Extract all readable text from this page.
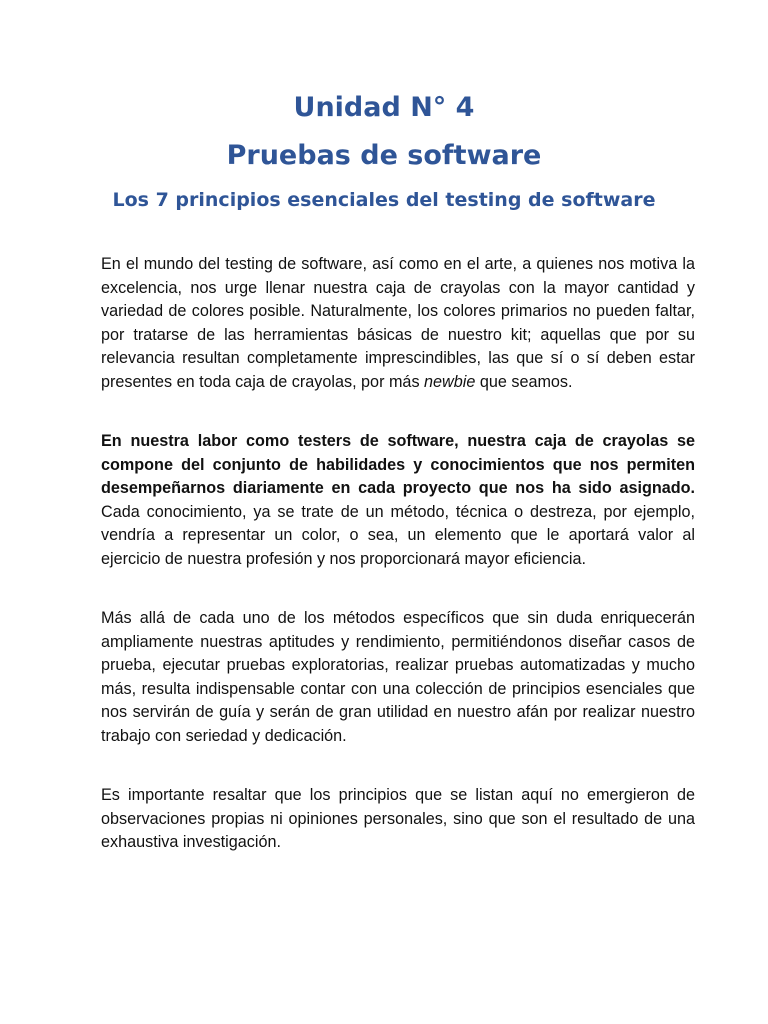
Unidad N° 4
Pruebas de software
Los 7 principios esenciales del testing de software

En el mundo del testing de software, así como en el arte, a quienes nos motiva la excelencia, nos urge llenar nuestra caja de crayolas con la mayor cantidad y variedad de colores posible. Naturalmente, los colores primarios no pueden faltar, por tratarse de las herramientas básicas de nuestro kit; aquellas que por su relevancia resultan completamente imprescindibles, las que sí o sí deben estar presentes en toda caja de crayolas, por más newbie que seamos.

En nuestra labor como testers de software, nuestra caja de crayolas se compone del conjunto de habilidades y conocimientos que nos permiten desempeñarnos diariamente en cada proyecto que nos ha sido asignado. Cada conocimiento, ya se trate de un método, técnica o destreza, por ejemplo, vendría a representar un color, o sea, un elemento que le aportará valor al ejercicio de nuestra profesión y nos proporcionará mayor eficiencia.

Más allá de cada uno de los métodos específicos que sin duda enriquecerán ampliamente nuestras aptitudes y rendimiento, permitiéndonos diseñar casos de prueba, ejecutar pruebas exploratorias, realizar pruebas automatizadas y mucho más, resulta indispensable contar con una colección de principios esenciales que nos servirán de guía y serán de gran utilidad en nuestro afán por realizar nuestro trabajo con seriedad y dedicación.

Es importante resaltar que los principios que se listan aquí no emergieron de observaciones propias ni opiniones personales, sino que son el resultado de una exhaustiva investigación.
